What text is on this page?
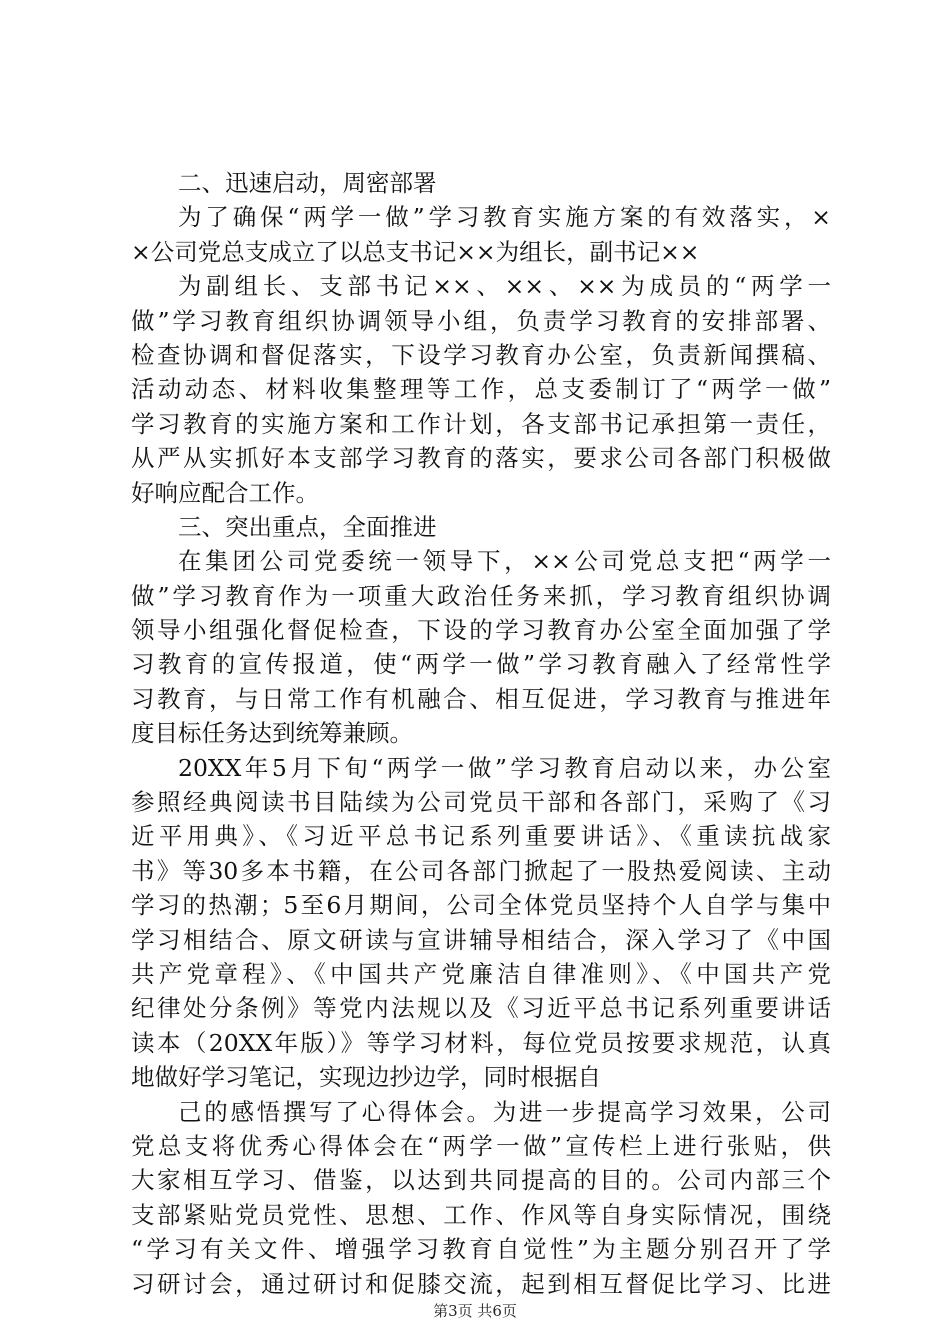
二、迅速启动，周密部署
为了确保“两学一做”学习教育实施方案的有效落实，×
×公司党总支成立了以总支书记××为组长，副书记××
为副组长、支部书记××、××、××为成员的“两学一
做”学习教育组织协调领导小组，负责学习教育的安排部署、
检查协调和督促落实，下设学习教育办公室，负责新闻撰稿、
活动动态、材料收集整理等工作，总支委制订了“两学一做”
学习教育的实施方案和工作计划，各支部书记承担第一责任，
从严从实抓好本支部学习教育的落实，要求公司各部门积极做
好响应配合工作。
三、突出重点，全面推进
在集团公司党委统一领导下，××公司党总支把“两学一
做”学习教育作为一项重大政治任务来抓，学习教育组织协调
领导小组强化督促检查，下设的学习教育办公室全面加强了学
习教育的宣传报道，使“两学一做”学习教育融入了经常性学
习教育，与日常工作有机融合、相互促进，学习教育与推进年
度目标任务达到统筹兼顾。
20XX年5月下旬“两学一做”学习教育启动以来，办公室
参照经典阅读书目陆续为公司党员干部和各部门，采购了《习
近平用典》、《习近平总书记系列重要讲话》、《重读抗战家
书》等30多本书籍，在公司各部门掀起了一股热爱阅读、主动
学习的热潮；5至6月期间，公司全体党员坚持个人自学与集中
学习相结合、原文研读与宣讲辅导相结合，深入学习了《中国
共产党章程》、《中国共产党廉洁自律准则》、《中国共产党
纪律处分条例》等党内法规以及《习近平总书记系列重要讲话
读本（20XX年版）》等学习材料，每位党员按要求规范，认真
地做好学习笔记，实现边抄边学，同时根据自
己的感悟撰写了心得体会。为进一步提高学习效果，公司
党总支将优秀心得体会在“两学一做”宣传栏上进行张贴，供
大家相互学习、借鉴，以达到共同提高的目的。公司内部三个
支部紧贴党员党性、思想、工作、作风等自身实际情况，围绕
“学习有关文件、增强学习教育自觉性”为主题分别召开了学
习研讨会，通过研讨和促膝交流，起到相互督促比学习、比进
第3页 共6页
